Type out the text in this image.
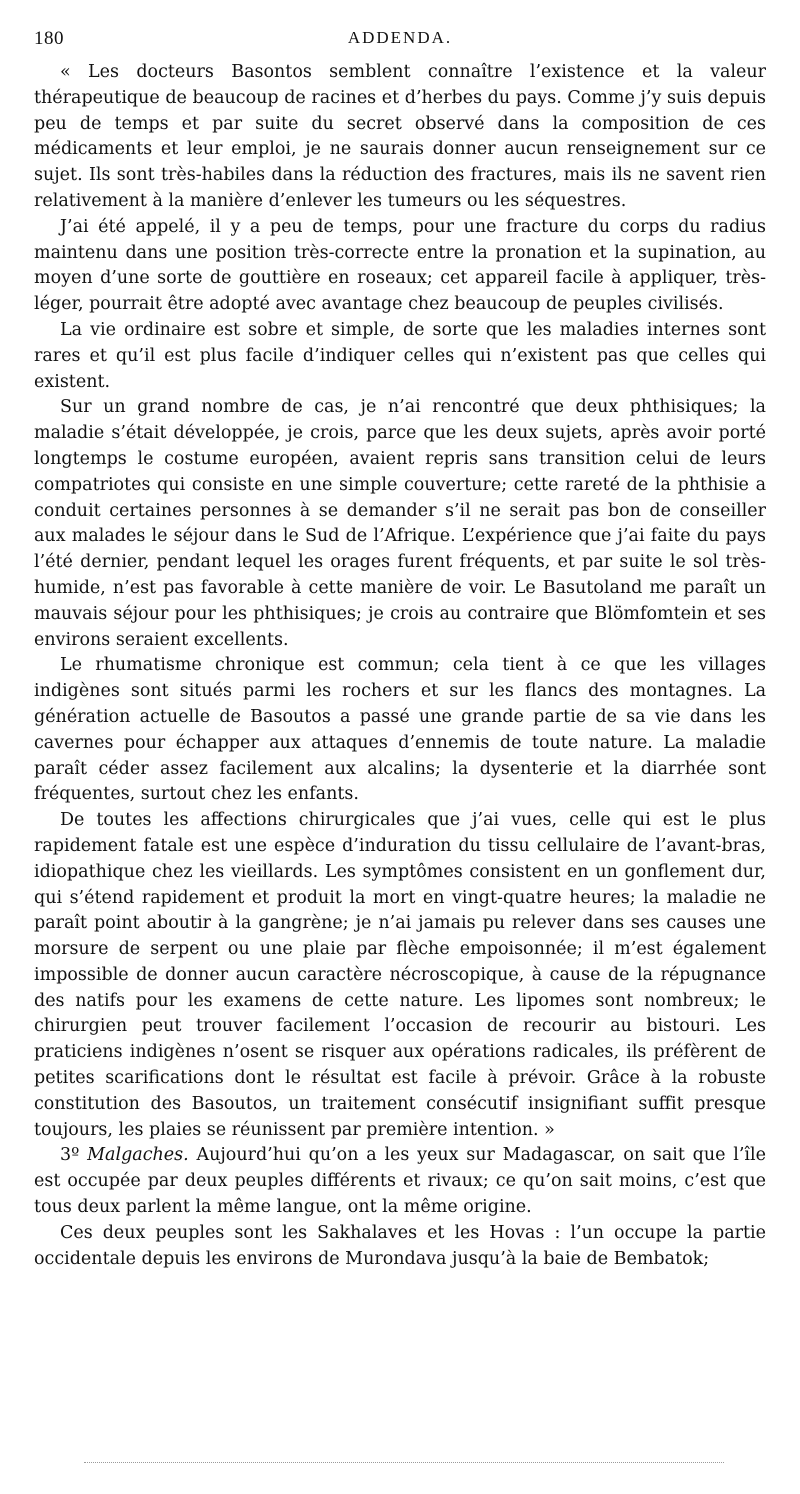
180	ADDENDA.

« Les docteurs Basontos semblent connaître l’existence et la valeur thérapeutique de beaucoup de racines et d’herbes du pays. Comme j’y suis depuis peu de temps et par suite du secret observé dans la composition de ces médicaments et leur emploi, je ne saurais donner aucun renseignement sur ce sujet. Ils sont très-habiles dans la réduction des fractures, mais ils ne savent rien relativement à la manière d’enlever les tumeurs ou les séquestres.

J’ai été appelé, il y a peu de temps, pour une fracture du corps du radius maintenu dans une position très-correcte entre la pronation et la supination, au moyen d’une sorte de gouttière en roseaux; cet appareil facile à appliquer, très-léger, pourrait être adopté avec avantage chez beaucoup de peuples civilisés.

La vie ordinaire est sobre et simple, de sorte que les maladies internes sont rares et qu’il est plus facile d’indiquer celles qui n’existent pas que celles qui existent.

Sur un grand nombre de cas, je n’ai rencontré que deux phthisiques; la maladie s’était développée, je crois, parce que les deux sujets, après avoir porté longtemps le costume européen, avaient repris sans transition celui de leurs compatriotes qui consiste en une simple couverture; cette rareté de la phthisie a conduit certaines personnes à se demander s’il ne serait pas bon de conseiller aux malades le séjour dans le Sud de l’Afrique. L’expérience que j’ai faite du pays l’été dernier, pendant lequel les orages furent fréquents, et par suite le sol très-humide, n’est pas favorable à cette manière de voir. Le Basutoland me paraît un mauvais séjour pour les phthisiques; je crois au contraire que Blömfomtein et ses environs seraient excellents.

Le rhumatisme chronique est commun; cela tient à ce que les villages indigènes sont situés parmi les rochers et sur les flancs des montagnes. La génération actuelle de Basoutos a passé une grande partie de sa vie dans les cavernes pour échapper aux attaques d’ennemis de toute nature. La maladie paraît céder assez facilement aux alcalins; la dysenterie et la diarrhée sont fréquentes, surtout chez les enfants.

De toutes les affections chirurgicales que j’ai vues, celle qui est le plus rapidement fatale est une espèce d’induration du tissu cellulaire de l’avant-bras, idiopathique chez les vieillards. Les symptômes consistent en un gonflement dur, qui s’étend rapidement et produit la mort en vingt-quatre heures; la maladie ne paraît point aboutir à la gangrène; je n’ai jamais pu relever dans ses causes une morsure de serpent ou une plaie par flèche empoisonnée; il m’est également impossible de donner aucun caractère nécroscopique, à cause de la répugnance des natifs pour les examens de cette nature. Les lipomes sont nombreux; le chirurgien peut trouver facilement l’occasion de recourir au bistouri. Les praticiens indigènes n’osent se risquer aux opérations radicales, ils préfèrent de petites scarifications dont le résultat est facile à prévoir. Grâce à la robuste constitution des Basoutos, un traitement consécutif insignifiant suffit presque toujours, les plaies se réunissent par première intention. »

3º Malgaches. Aujourd’hui qu’on a les yeux sur Madagascar, on sait que l’île est occupée par deux peuples différents et rivaux; ce qu’on sait moins, c’est que tous deux parlent la même langue, ont la même origine.

Ces deux peuples sont les Sakhalaves et les Hovas : l’un occupe la partie occidentale depuis les environs de Murondava jusqu’à la baie de Bembatok;
